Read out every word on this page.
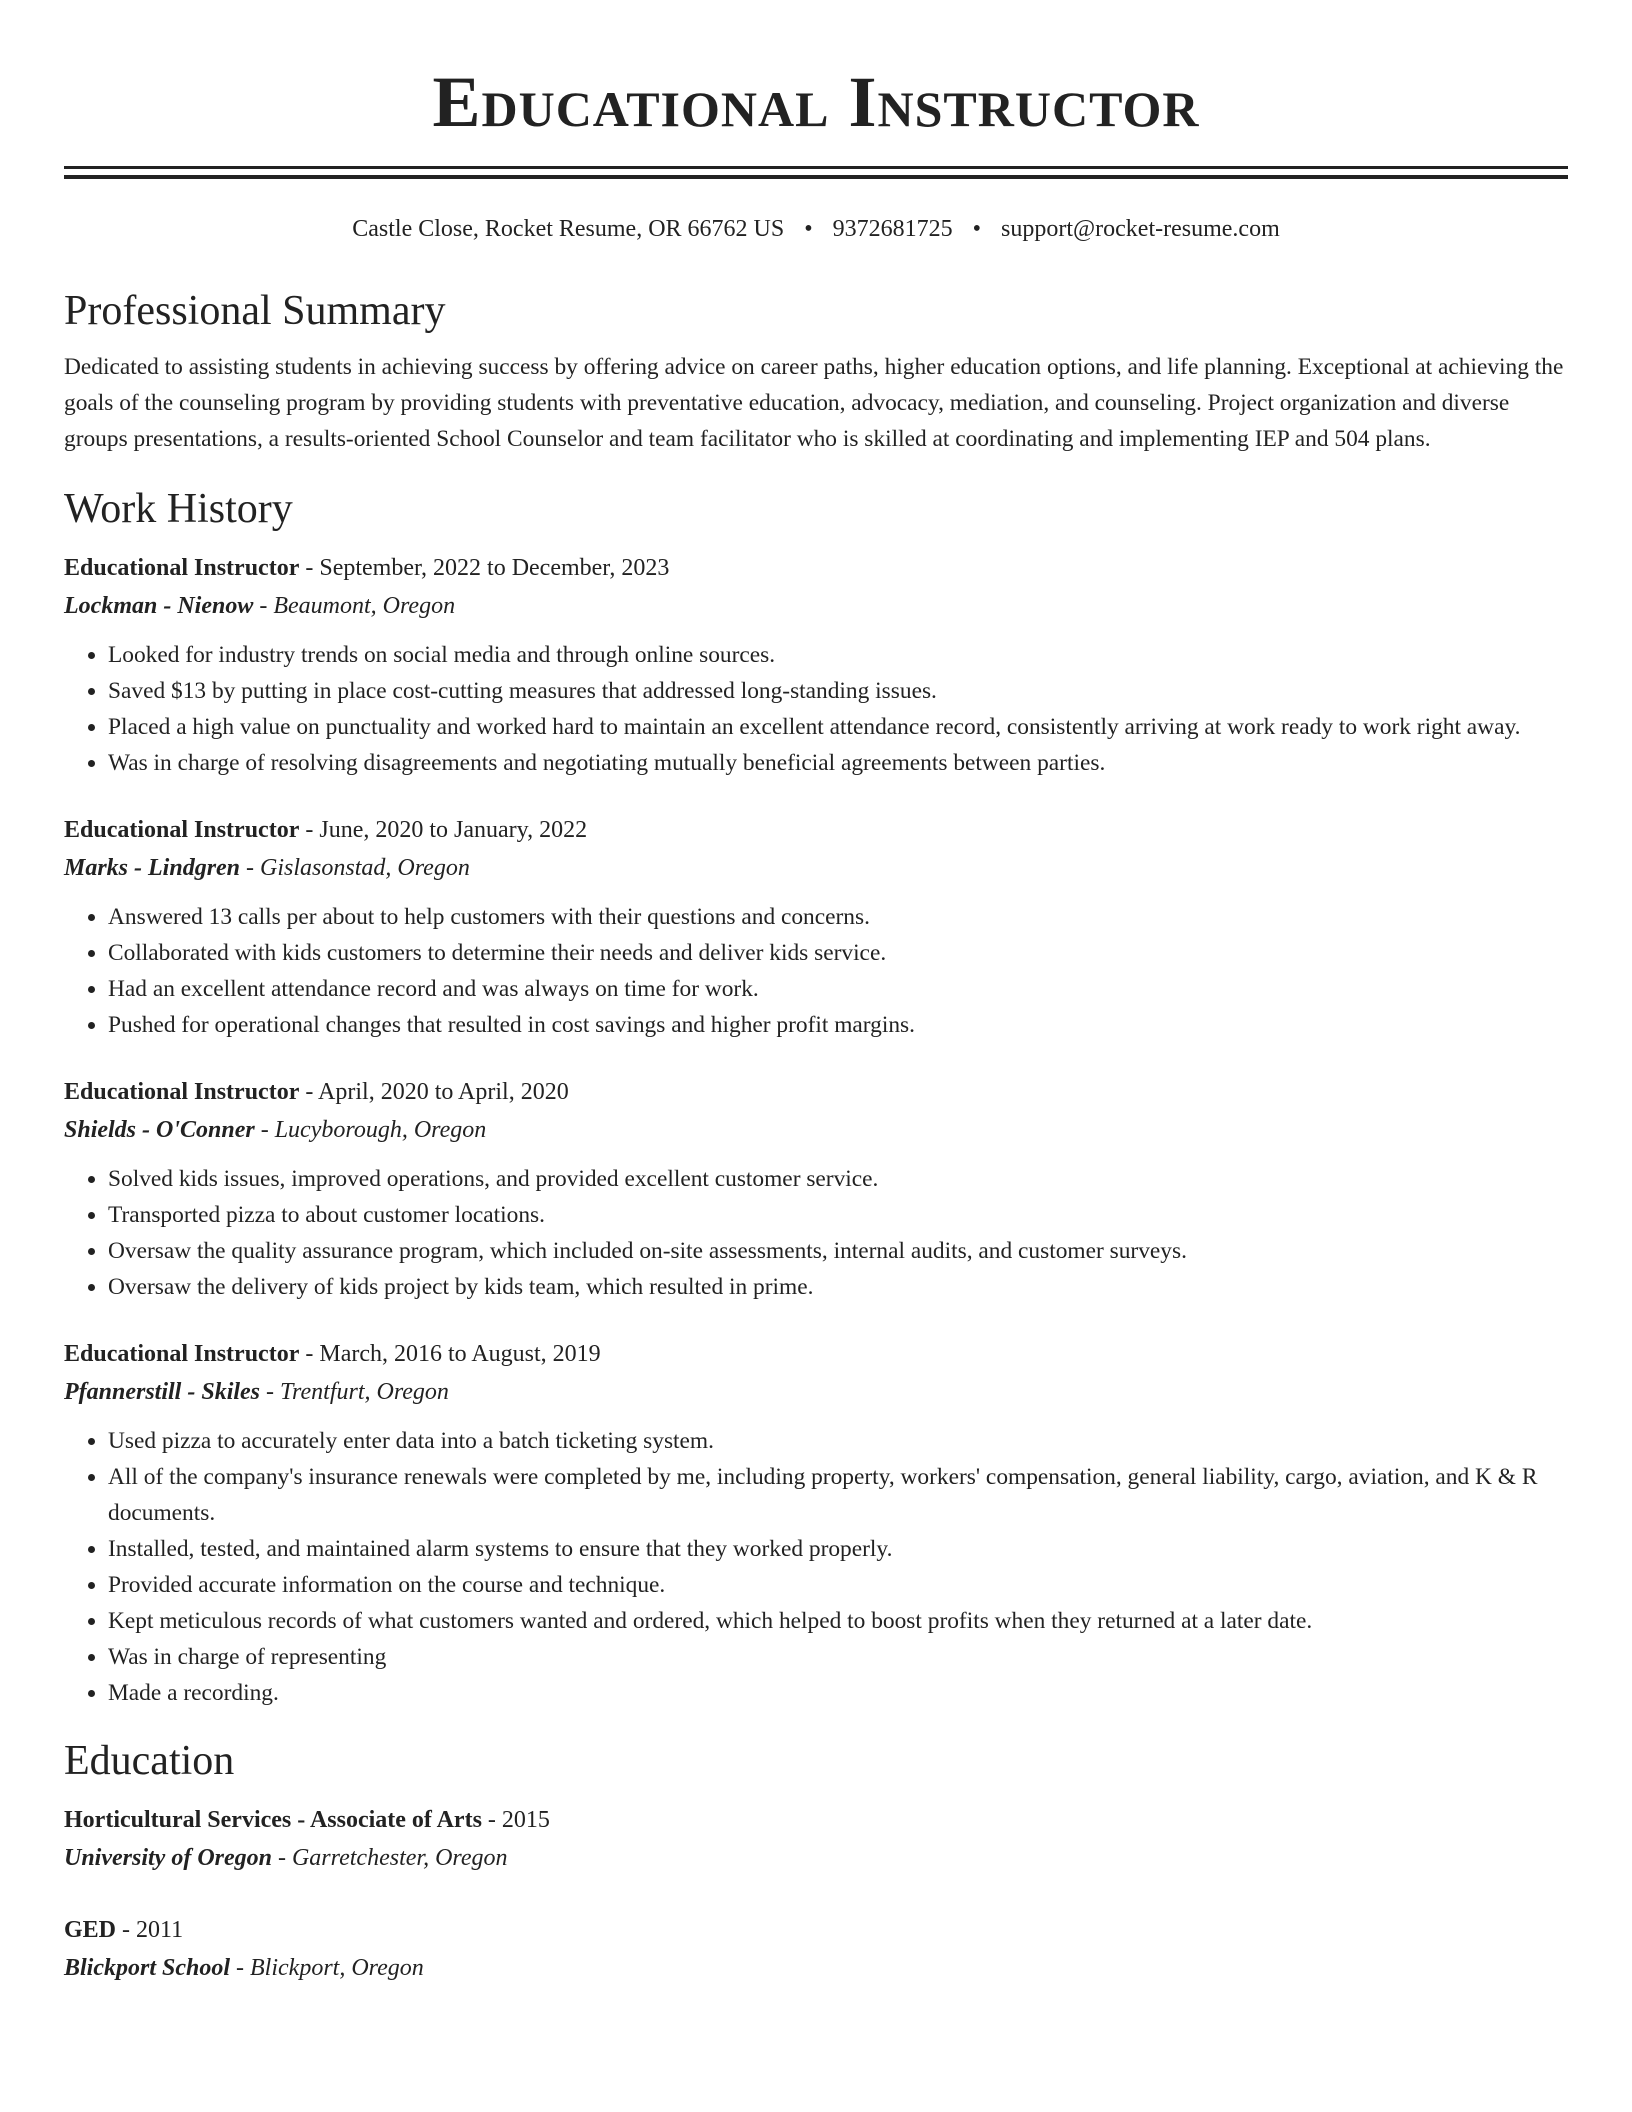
Educational Instructor
Castle Close, Rocket Resume, OR 66762 US • 9372681725 • support@rocket-resume.com
Professional Summary
Dedicated to assisting students in achieving success by offering advice on career paths, higher education options, and life planning. Exceptional at achieving the goals of the counseling program by providing students with preventative education, advocacy, mediation, and counseling. Project organization and diverse groups presentations, a results-oriented School Counselor and team facilitator who is skilled at coordinating and implementing IEP and 504 plans.
Work History
Educational Instructor - September, 2022 to December, 2023
Lockman - Nienow - Beaumont, Oregon
• Looked for industry trends on social media and through online sources.
• Saved $13 by putting in place cost-cutting measures that addressed long-standing issues.
• Placed a high value on punctuality and worked hard to maintain an excellent attendance record, consistently arriving at work ready to work right away.
• Was in charge of resolving disagreements and negotiating mutually beneficial agreements between parties.
Educational Instructor - June, 2020 to January, 2022
Marks - Lindgren - Gislasonstad, Oregon
• Answered 13 calls per about to help customers with their questions and concerns.
• Collaborated with kids customers to determine their needs and deliver kids service.
• Had an excellent attendance record and was always on time for work.
• Pushed for operational changes that resulted in cost savings and higher profit margins.
Educational Instructor - April, 2020 to April, 2020
Shields - O'Conner - Lucyborough, Oregon
• Solved kids issues, improved operations, and provided excellent customer service.
• Transported pizza to about customer locations.
• Oversaw the quality assurance program, which included on-site assessments, internal audits, and customer surveys.
• Oversaw the delivery of kids project by kids team, which resulted in prime.
Educational Instructor - March, 2016 to August, 2019
Pfannerstill - Skiles - Trentfurt, Oregon
• Used pizza to accurately enter data into a batch ticketing system.
• All of the company's insurance renewals were completed by me, including property, workers' compensation, general liability, cargo, aviation, and K & R documents.
• Installed, tested, and maintained alarm systems to ensure that they worked properly.
• Provided accurate information on the course and technique.
• Kept meticulous records of what customers wanted and ordered, which helped to boost profits when they returned at a later date.
• Was in charge of representing
• Made a recording.
Education
Horticultural Services - Associate of Arts - 2015
University of Oregon - Garretchester, Oregon
GED - 2011
Blickport School - Blickport, Oregon
